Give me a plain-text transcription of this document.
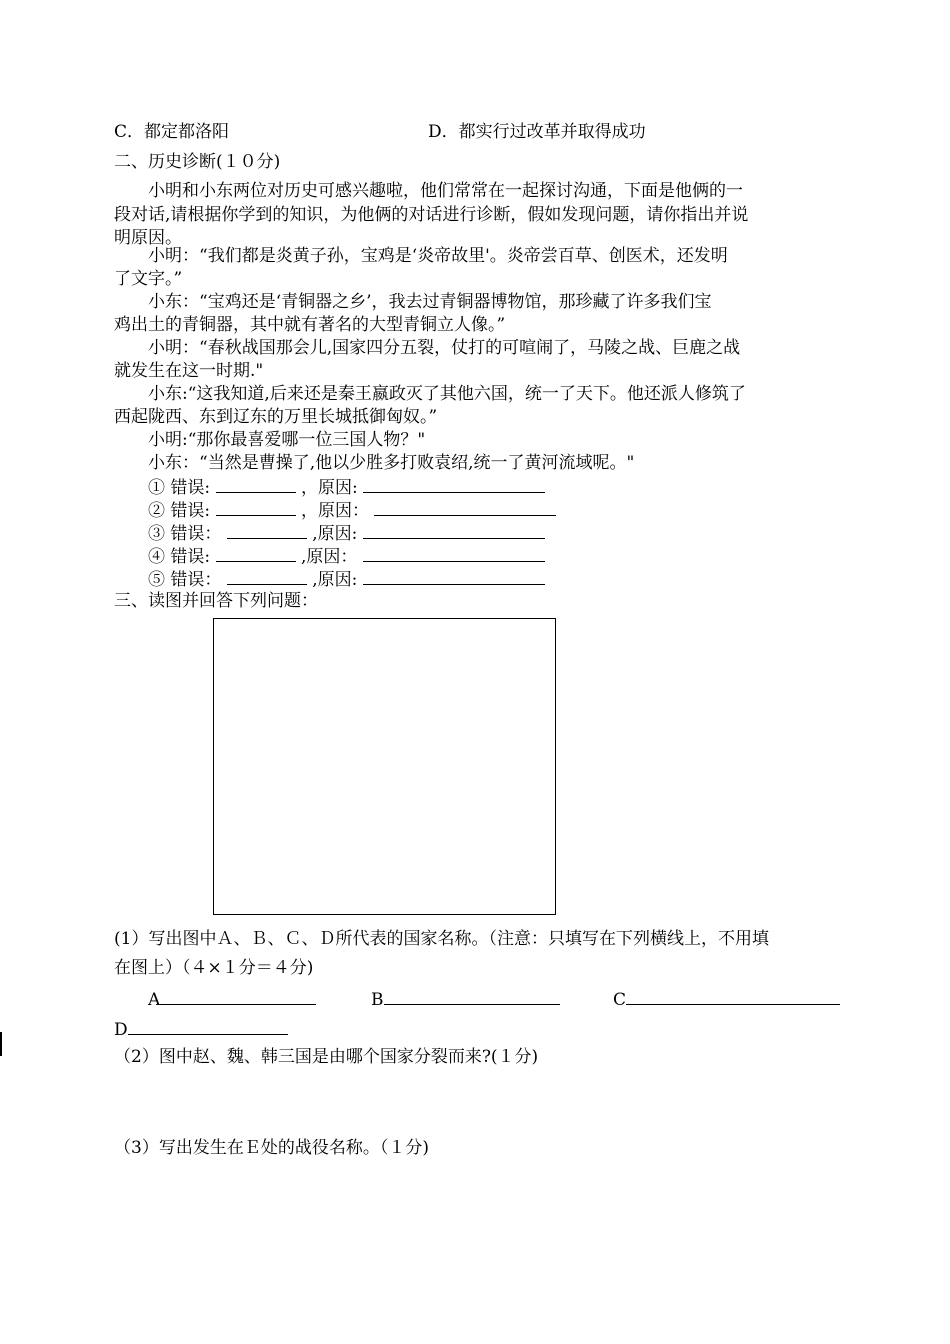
C．都定都洛阳	D．都实行过改革并取得成功
二、历史诊断(１０分)
小明和小东两位对历史可感兴趣啦，他们常常在一起探讨沟通，下面是他俩的一
段对话,请根据你学到的知识，为他俩的对话进行诊断，假如发现问题，请你指出并说
明原因。
小明：“我们都是炎黄子孙，宝鸡是‘炎帝故里'。炎帝尝百草、创医术，还发明
了文字。”
小东：“宝鸡还是‘青铜器之乡’，我去过青铜器博物馆，那珍藏了许多我们宝
鸡出土的青铜器，其中就有著名的大型青铜立人像。”
小明：“春秋战国那会儿,国家四分五裂，仗打的可喧闹了，马陵之战、巨鹿之战
就发生在这一时期."
小东:“这我知道,后来还是秦王嬴政灭了其他六国，统一了天下。他还派人修筑了
西起陇西、东到辽东的万里长城抵御匈奴。”
小明:“那你最喜爱哪一位三国人物？"
小东：“当然是曹操了,他以少胜多打败袁绍,统一了黄河流域呢。"
① 错误:	，原因:
② 错误:	，原因：
③ 错误：	,原因:
④ 错误:	,原因：
⑤ 错误：	,原因:
三、读图并回答下列问题：
(1）写出图中Ａ、Ｂ、Ｃ、Ｄ所代表的国家名称。（注意：只填写在下列横线上，不用填
在图上）（４×１分＝４分)
A	B	C
D
（2）图中赵、魏、韩三国是由哪个国家分裂而来?(１分)
（3）写出发生在Ｅ处的战役名称。（１分)
